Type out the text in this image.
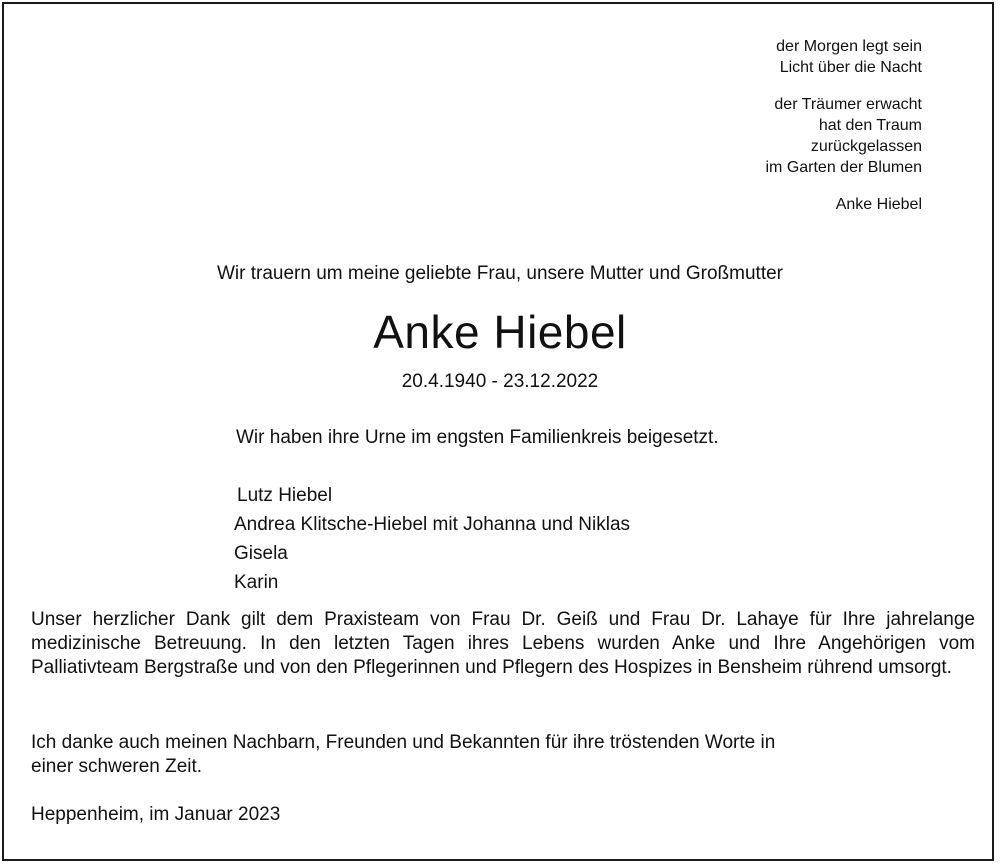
der Morgen legt sein
Licht über die Nacht
der Träumer erwacht
hat den Traum
zurückgelassen
im Garten der Blumen
Anke Hiebel
Wir trauern um meine geliebte Frau, unsere Mutter und Großmutter
Anke Hiebel
20.4.1940 - 23.12.2022
Wir haben ihre Urne im engsten Familienkreis beigesetzt.
Lutz Hiebel
Andrea Klitsche-Hiebel mit Johanna und Niklas
Gisela
Karin

Unser herzlicher Dank gilt dem Praxisteam von Frau Dr. Geiß und Frau Dr. Lahaye für Ihre jahrelange medizinische Betreuung. In den letzten Tagen ihres Lebens wurden Anke und Ihre Angehörigen vom Palliativteam Bergstraße und von den Pflegerinnen und Pflegern des Hospizes in Bensheim rührend umsorgt.

Ich danke auch meinen Nachbarn, Freunden und Bekannten für ihre tröstenden Worte in einer schweren Zeit.

Heppenheim, im Januar 2023
